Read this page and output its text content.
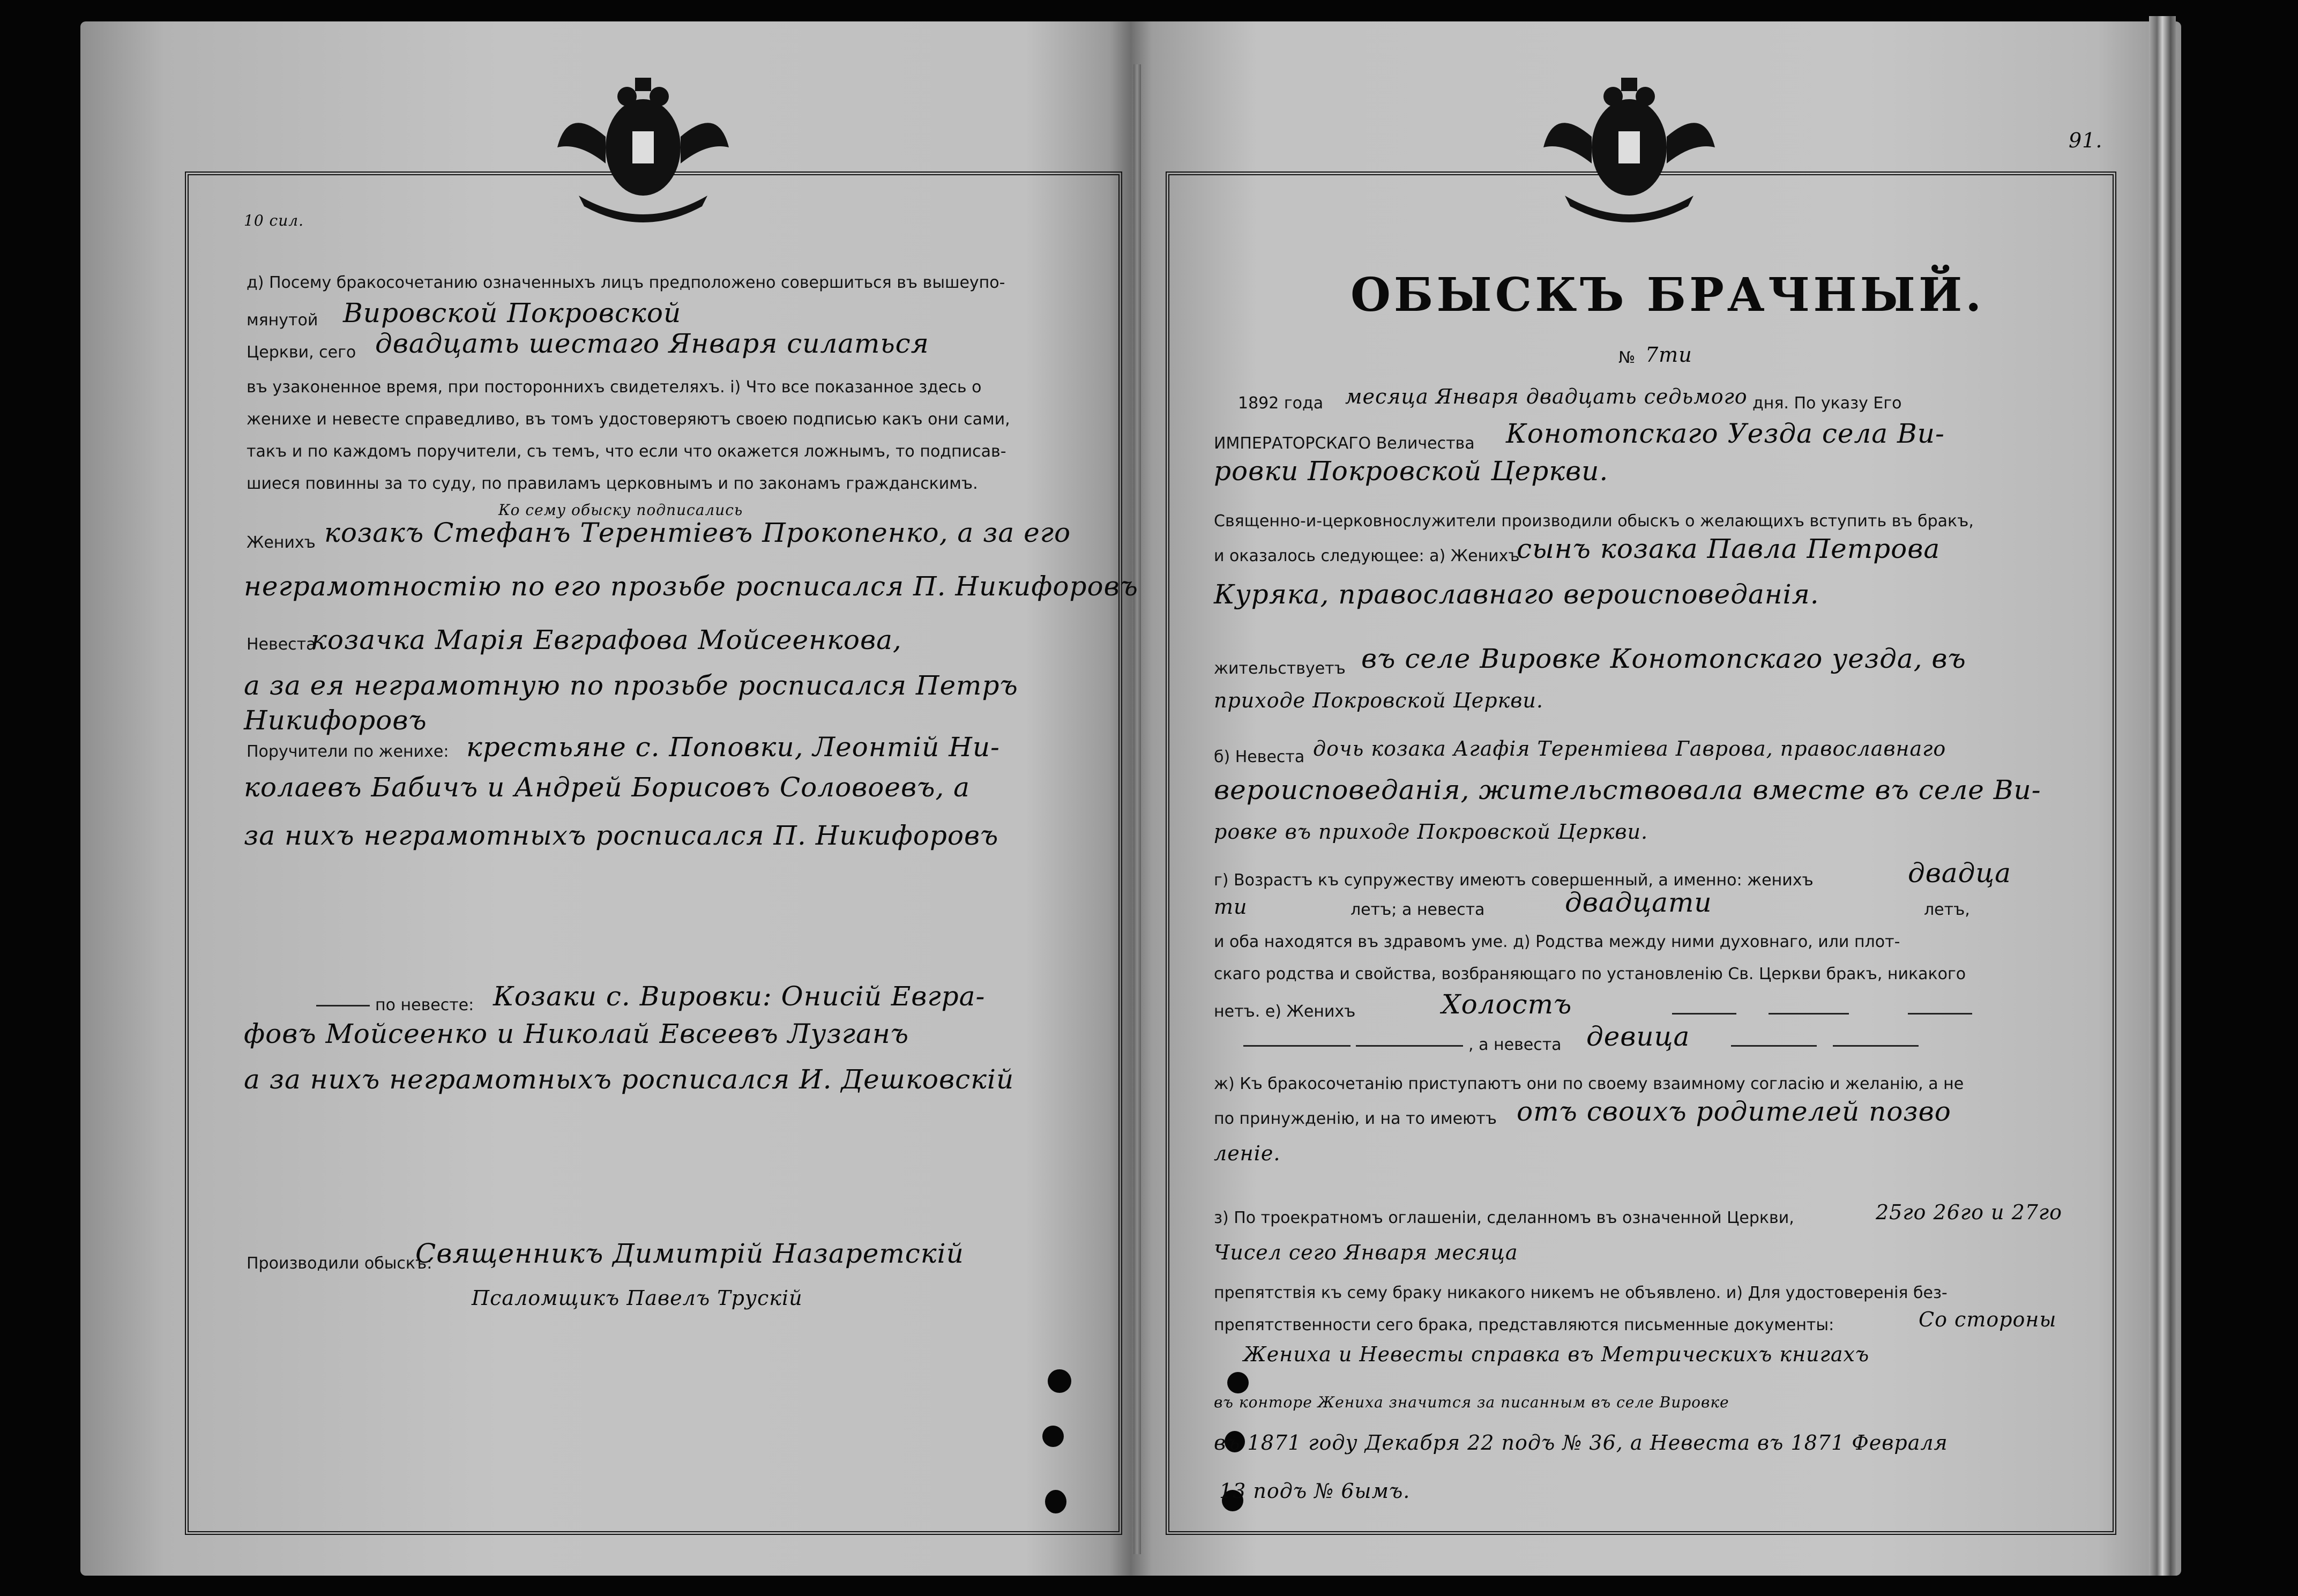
10 сил.
д) Посему бракосочетанию означенныхъ лицъ предположено совершиться въ вышеупо-
мянутой Вировской Покровской
Церкви, сего двадцать шестаго Января силаться
въ узаконенное время, при постороннихъ свидетеляхъ. і) Что все показанное здесь о
женихе и невесте справедливо, въ томъ удостоверяютъ своею подписью какъ они сами,
такъ и по каждомъ поручители, съ темъ, что если что окажется ложнымъ, то подписав-
шиеся повинны за то суду, по правиламъ церковнымъ и по законамъ гражданскимъ.
Ко сему обыску подписались
Женихъ козакъ Стефанъ Терентіевъ Прокопенко, а за его
неграмотностію по его прозьбе росписался П. Никифоровъ
Невеста
козачка Марія Евграфова Мойсеенкова,
а за ея неграмотную по прозьбе росписался Петръ
Никифоровъ
Поручители по женихе: крестьяне с. Поповки, Леонтій Ни-
колаевъ Бабичъ и Андрей Борисовъ Соловоевъ, а
за нихъ неграмотныхъ росписался П. Никифоровъ
по невесте: Козаки с. Вировки: Онисій Евгра-
фовъ Мойсеенко и Николай Евсеевъ Лузганъ
а за нихъ неграмотныхъ росписался И. Дешковскій
Производили обыскъ:
Священникъ Димитрій Назаретскій
Псаломщикъ Павелъ Трускій
91.
ОБЫСКЪ БРАЧНЫЙ.
№ 7ти
1892 года месяца Января двадцать седьмого дня. По указу Его
ИМПЕРАТОРСКАГО Величества Конотопскаго Уезда села Ви-
ровки Покровской Церкви.
Священно-и-церковнослужители производили обыскъ о желающихъ вступить въ бракъ,
и оказалось следующее: а) Женихъ
сынъ козака Павла Петрова
Куряка, православнаго вероисповеданія.
жительствуетъ въ селе Вировке Конотопскаго уезда, въ
приходе Покровской Церкви.
б) Невеста дочь козака Агафія Терентіева Гаврова, православнаго
вероисповеданія, жительствовала вместе въ селе Ви-
ровке въ приходе Покровской Церкви.
г) Возрастъ къ супружеству имеютъ совершенный, а именно: женихъ	двадца
ти	летъ; а невеста	двадцати	летъ,
и оба находятся въ здравомъ уме. д) Родства между ними духовнаго, или плот-
скаго родства и свойства, возбраняющаго по установленію Св. Церкви бракъ, никакого
нетъ. е) Женихъ	Холостъ
, а невеста девица
ж) Къ бракосочетанію приступаютъ они по своему взаимному согласію и желанію, а не
по принужденію, и на то имеютъ отъ своихъ родителей позво
леніе.
з) По троекратномъ оглашеніи, сделанномъ въ означенной Церкви,	25го 26го и 27го
Чисел сего Января месяца
препятствія къ сему браку никакого никемъ не объявлено. и) Для удостоверенія без-
препятственности сего брака, представляются письменные документы:	Со стороны
Жениха и Невесты справка въ Метрическихъ книгахъ
въ конторе Жениха значится за писанным въ селе Вировке
въ 1871 году Декабря 22 подъ № 36, а Невеста въ 1871 Февраля
13 подъ № 6ымъ.
